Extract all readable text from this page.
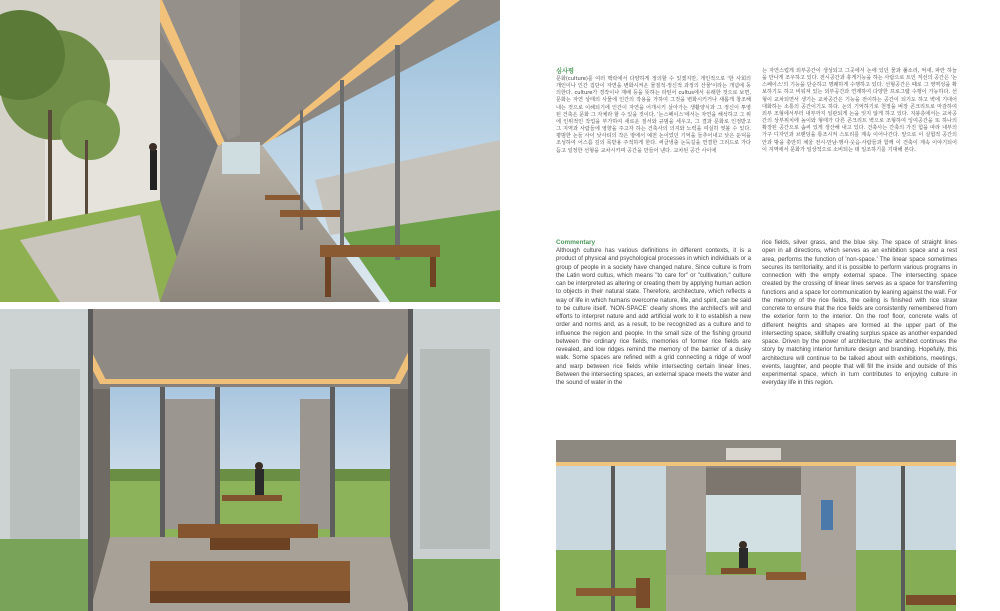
심사평

문화(culture)를 여러 맥락에서 다양하게 정의할 수 있겠지만, 개인적으로 '한 사회의 개인이나 인간 집단이 자연을 변화시켜온 물질적·정신적 과정의 산물'이라는 개념에 동의한다. culture가 경작이나 재배 등을 뜻하는 라틴어 cultus에서 유래한 것으로 보면, 문화는 자연 상태의 사물에 인간의 작용을 가하여 그것을 변화시키거나 새롭게 창조해 내는 것으로 이해되기에 인간이 자연을 어개시키 살아가는 생활양식과 그 정신이 투영된 건축은 문화 그 자체라 할 수 있을 것이다. '논스페이스'에서는 자연을 해석하고 그 위에 인위적인 작업을 부가하여 새로운 질서와 규범을 세우고, 그 결과 문화로 인정받고 그 지역과 사람들에 영향을 주고자 하는 건축사의 의지와 노력을 여실히 엿볼 수 있다. 평범한 논들 사이 낮사티의 작은 땅에서 예전 논이었던 기억을 들추어내고 낮은 둔덕을 조성하여 어스름 깊의 목받용 주적하게 한다. 써클냉출 논둑길을 연결한 그리드로 가다듬고 일정한 선형을 교차시키며 공간을 만들어 낸다. 교차된 공간 사이에

는 자연스럽게 외부공간이 생성되고 그곳에서 논에 있던 물과 풀소리, 억새, 파란 하늘을 만나게 조우하고 있다. 전시공간과 휴게기능을 하는 사람으로 트인 직선의 공간은 '논스페이스'의 기능을 단순하고 명쾌하게 수행하고 있다. 선형공간은 때로 그 영역성을 확보하기도 하고 비워져 있는 외부공간과 연계하여 다양한 프로그램 수행이 가능하다. 선형이 교차되면서 생기는 교차공간은 기능을 전이하는 공간이 되기도 하고 벽에 기대어 대화하는 소통의 공간이기도 하다. 논의 기억하기로 천정을 벼장 콘크리트로 마감하여 외부 조형에서부터 내부까지 일관되게 논을 잊지 않게 하고 있다. 지붕층에서는 교차공간의 상부위치에 높이와 형태가 다른 콘크리트 벽으로 조형하여 잉여공간을 또 하나의 확장된 공간으로 솜씨 있게 생산해 내고 있다. 건축사는 간축의 가진 힘을 따라 내부의 가구 디자인과 브랜딩을 통조시켜 스토리를 계속 이어나간다. 앞으로 이 실험적 공간의 안과 밖을 충만히 채울 전시·만남·행사·웃음·사람들과 함께 이 건축이 계속 이야기되어 이 지역에서 문화가 일상적으로 소비되는 데 일조하기를 기대해 본다.

Commentary

Although culture has various definitions in different contexts, it is a product of physical and psychological processes in which individuals or a group of people in a society have changed nature. Since culture is from the Latin word cultus, which means "to care for" or "cultivation," culture can be interpreted as altering or creating them by applying human action to objects in their natural state. Therefore, architecture, which reflects a way of life in which humans overcome nature, life, and spirit, can be said to be culture itself. 'NON-SPACE' clearly shows the architect's will and efforts to interpret nature and add artificial work to it to establish a new order and norms and, as a result, to be recognized as a culture and to influence the region and people. In the small size of the fishing ground between the ordinary rice fields, memories of former rice fields are revealed, and low ridges remind the memory of the barrier of a dusky walk. Some spaces are refined with a grid connecting a ridge of woof and warp between rice fields while intersecting certain linear lines. Between the intersecting spaces, an external space meets the water and the sound of water in the

rice fields, silver grass, and the blue sky. The space of straight lines open in all directions, which serves as an exhibition space and a rest area, performs the function of 'non-space.' The linear space sometimes secures its territoriality, and it is possible to perform various programs in connection with the empty external space. The intersecting space created by the crossing of linear lines serves as a space for transferring functions and a space for communication by leaning against the wall. For the memory of the rice fields, the ceiling is finished with rice straw concrete to ensure that the rice fields are consistently remembered from the exterior form to the interior. On the roof floor, concrete walls of different heights and shapes are formed at the upper part of the intersecting space, skillfully creating surplus space as another expanded space. Driven by the power of architecture, the architect continues the story by matching interior furniture design and branding. Hopefully, this architecture will continue to be talked about with exhibitions, meetings, events, laughter, and people that will fill the inside and outside of this experimental space, which in turn contributes to enjoying culture in everyday life in this region.
